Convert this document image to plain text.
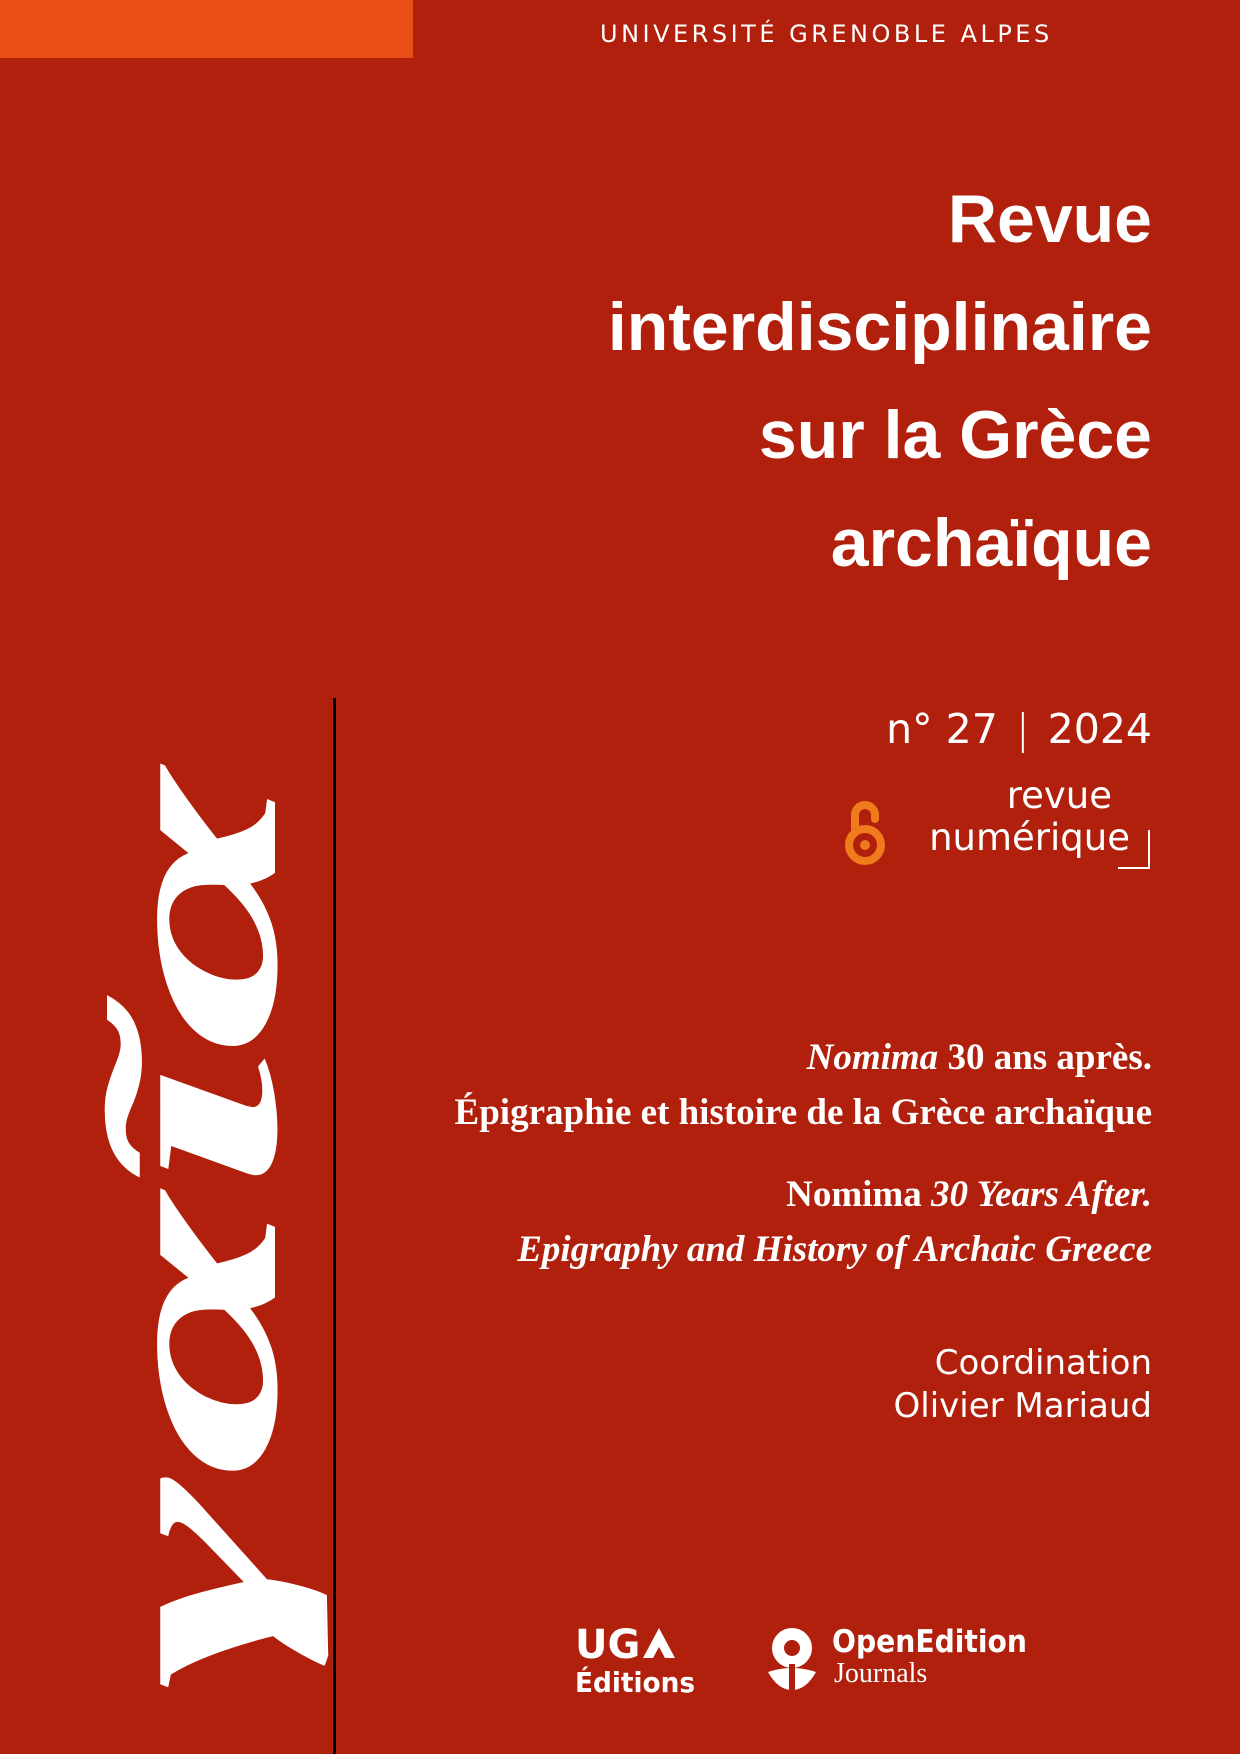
UNIVERSITÉ GRENOBLE ALPES
Revue
interdisciplinaire
sur la Grèce
archaïque
n° 27 | 2024
revue
numérique
γαῖα
Nomima 30 ans après.
Épigraphie et histoire de la Grèce archaïque
Nomima 30 Years After.
Epigraphy and History of Archaic Greece
Coordination
Olivier Mariaud
UG
Éditions
OpenEdition
Journals
